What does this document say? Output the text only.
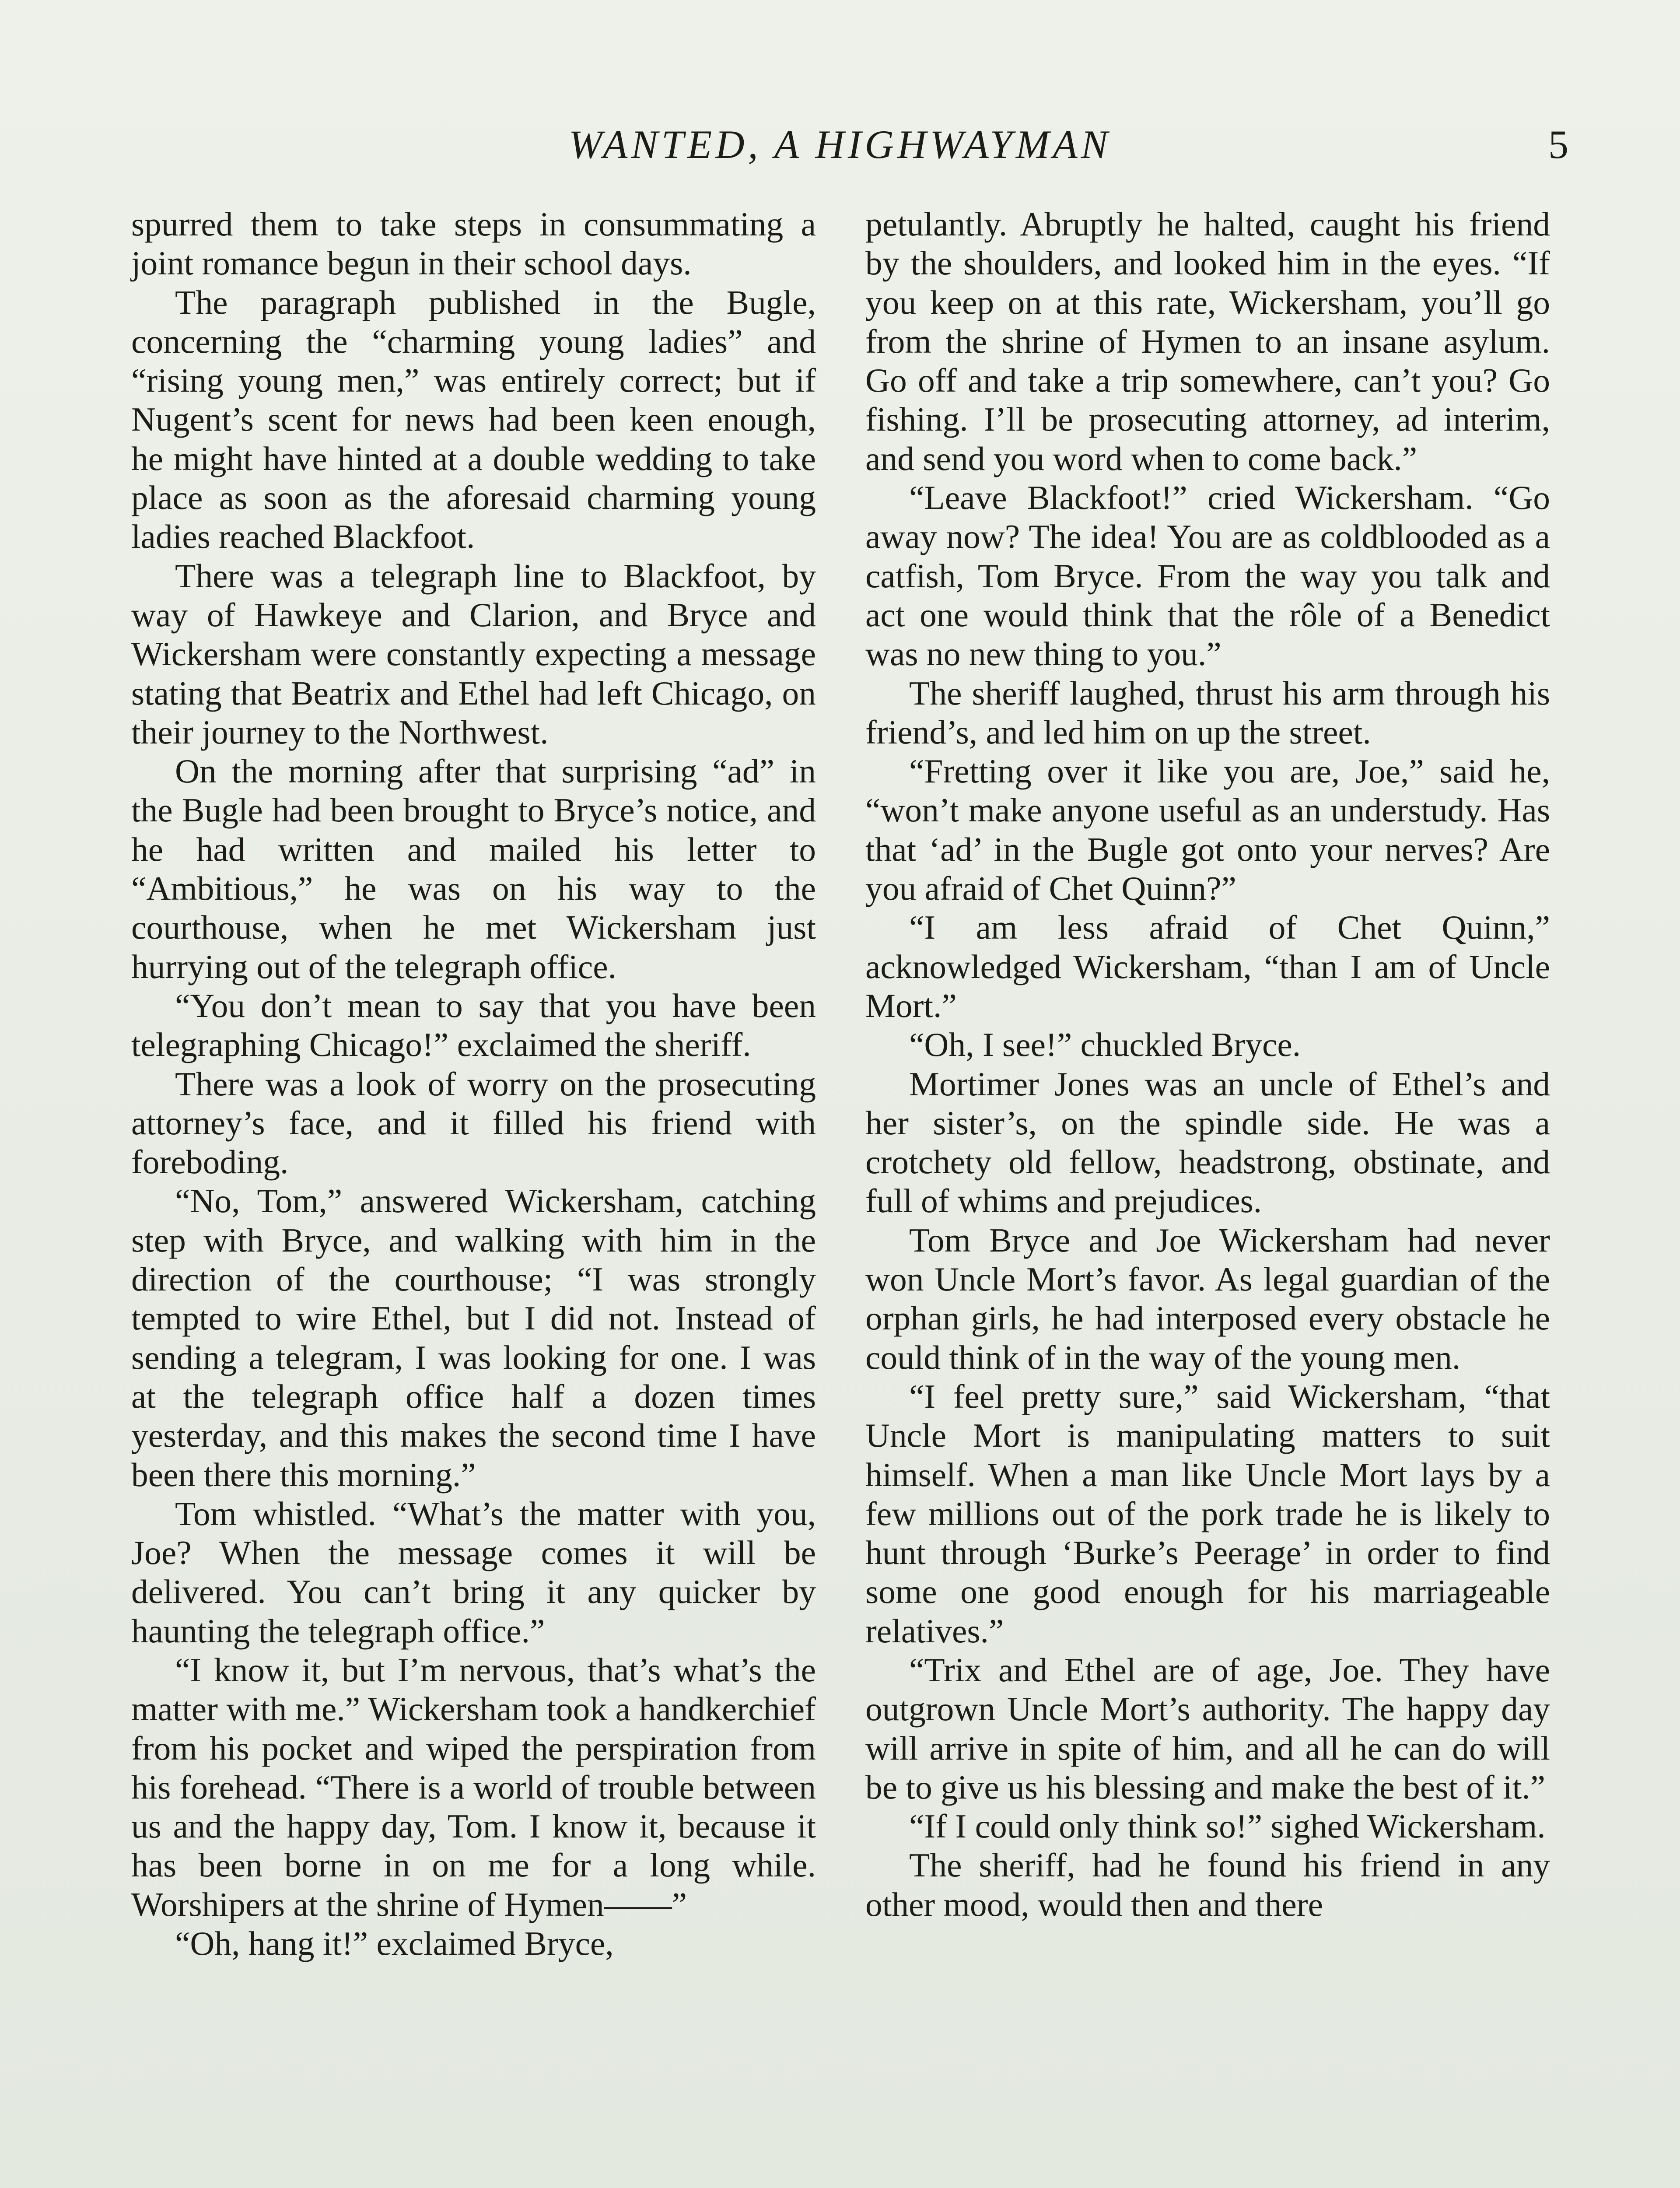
WANTED, A HIGHWAYMAN	5

spurred them to take steps in consummating a joint romance begun in their school days.

The paragraph published in the Bugle, concerning the “charming young ladies” and “rising young men,” was entirely correct; but if Nugent’s scent for news had been keen enough, he might have hinted at a double wedding to take place as soon as the aforesaid charming young ladies reached Blackfoot.

There was a telegraph line to Blackfoot, by way of Hawkeye and Clarion, and Bryce and Wickersham were constantly expecting a message stating that Beatrix and Ethel had left Chicago, on their journey to the Northwest.

On the morning after that surprising “ad” in the Bugle had been brought to Bryce’s notice, and he had written and mailed his letter to “Ambitious,” he was on his way to the courthouse, when he met Wickersham just hurrying out of the telegraph office.

“You don’t mean to say that you have been telegraphing Chicago!” exclaimed the sheriff.

There was a look of worry on the prosecuting attorney’s face, and it filled his friend with foreboding.

“No, Tom,” answered Wickersham, catching step with Bryce, and walking with him in the direction of the courthouse; “I was strongly tempted to wire Ethel, but I did not. Instead of sending a telegram, I was looking for one. I was at the telegraph office half a dozen times yesterday, and this makes the second time I have been there this morning.”

Tom whistled. “What’s the matter with you, Joe? When the message comes it will be delivered. You can’t bring it any quicker by haunting the telegraph office.”

“I know it, but I’m nervous, that’s what’s the matter with me.” Wickersham took a handkerchief from his pocket and wiped the perspiration from his forehead. “There is a world of trouble between us and the happy day, Tom. I know it, because it has been borne in on me for a long while. Worshipers at the shrine of Hymen——”

“Oh, hang it!” exclaimed Bryce,

petulantly. Abruptly he halted, caught his friend by the shoulders, and looked him in the eyes. “If you keep on at this rate, Wickersham, you’ll go from the shrine of Hymen to an insane asylum. Go off and take a trip somewhere, can’t you? Go fishing. I’ll be prosecuting attorney, ad interim, and send you word when to come back.”

“Leave Blackfoot!” cried Wickersham. “Go away now? The idea! You are as coldblooded as a catfish, Tom Bryce. From the way you talk and act one would think that the rôle of a Benedict was no new thing to you.”

The sheriff laughed, thrust his arm through his friend’s, and led him on up the street.

“Fretting over it like you are, Joe,” said he, “won’t make anyone useful as an understudy. Has that ‘ad’ in the Bugle got onto your nerves? Are you afraid of Chet Quinn?”

“I am less afraid of Chet Quinn,” acknowledged Wickersham, “than I am of Uncle Mort.”

“Oh, I see!” chuckled Bryce.

Mortimer Jones was an uncle of Ethel’s and her sister’s, on the spindle side. He was a crotchety old fellow, headstrong, obstinate, and full of whims and prejudices.

Tom Bryce and Joe Wickersham had never won Uncle Mort’s favor. As legal guardian of the orphan girls, he had interposed every obstacle he could think of in the way of the young men.

“I feel pretty sure,” said Wickersham, “that Uncle Mort is manipulating matters to suit himself. When a man like Uncle Mort lays by a few millions out of the pork trade he is likely to hunt through ‘Burke’s Peerage’ in order to find some one good enough for his marriageable relatives.”

“Trix and Ethel are of age, Joe. They have outgrown Uncle Mort’s authority. The happy day will arrive in spite of him, and all he can do will be to give us his blessing and make the best of it.”

“If I could only think so!” sighed Wickersham.

The sheriff, had he found his friend in any other mood, would then and there
